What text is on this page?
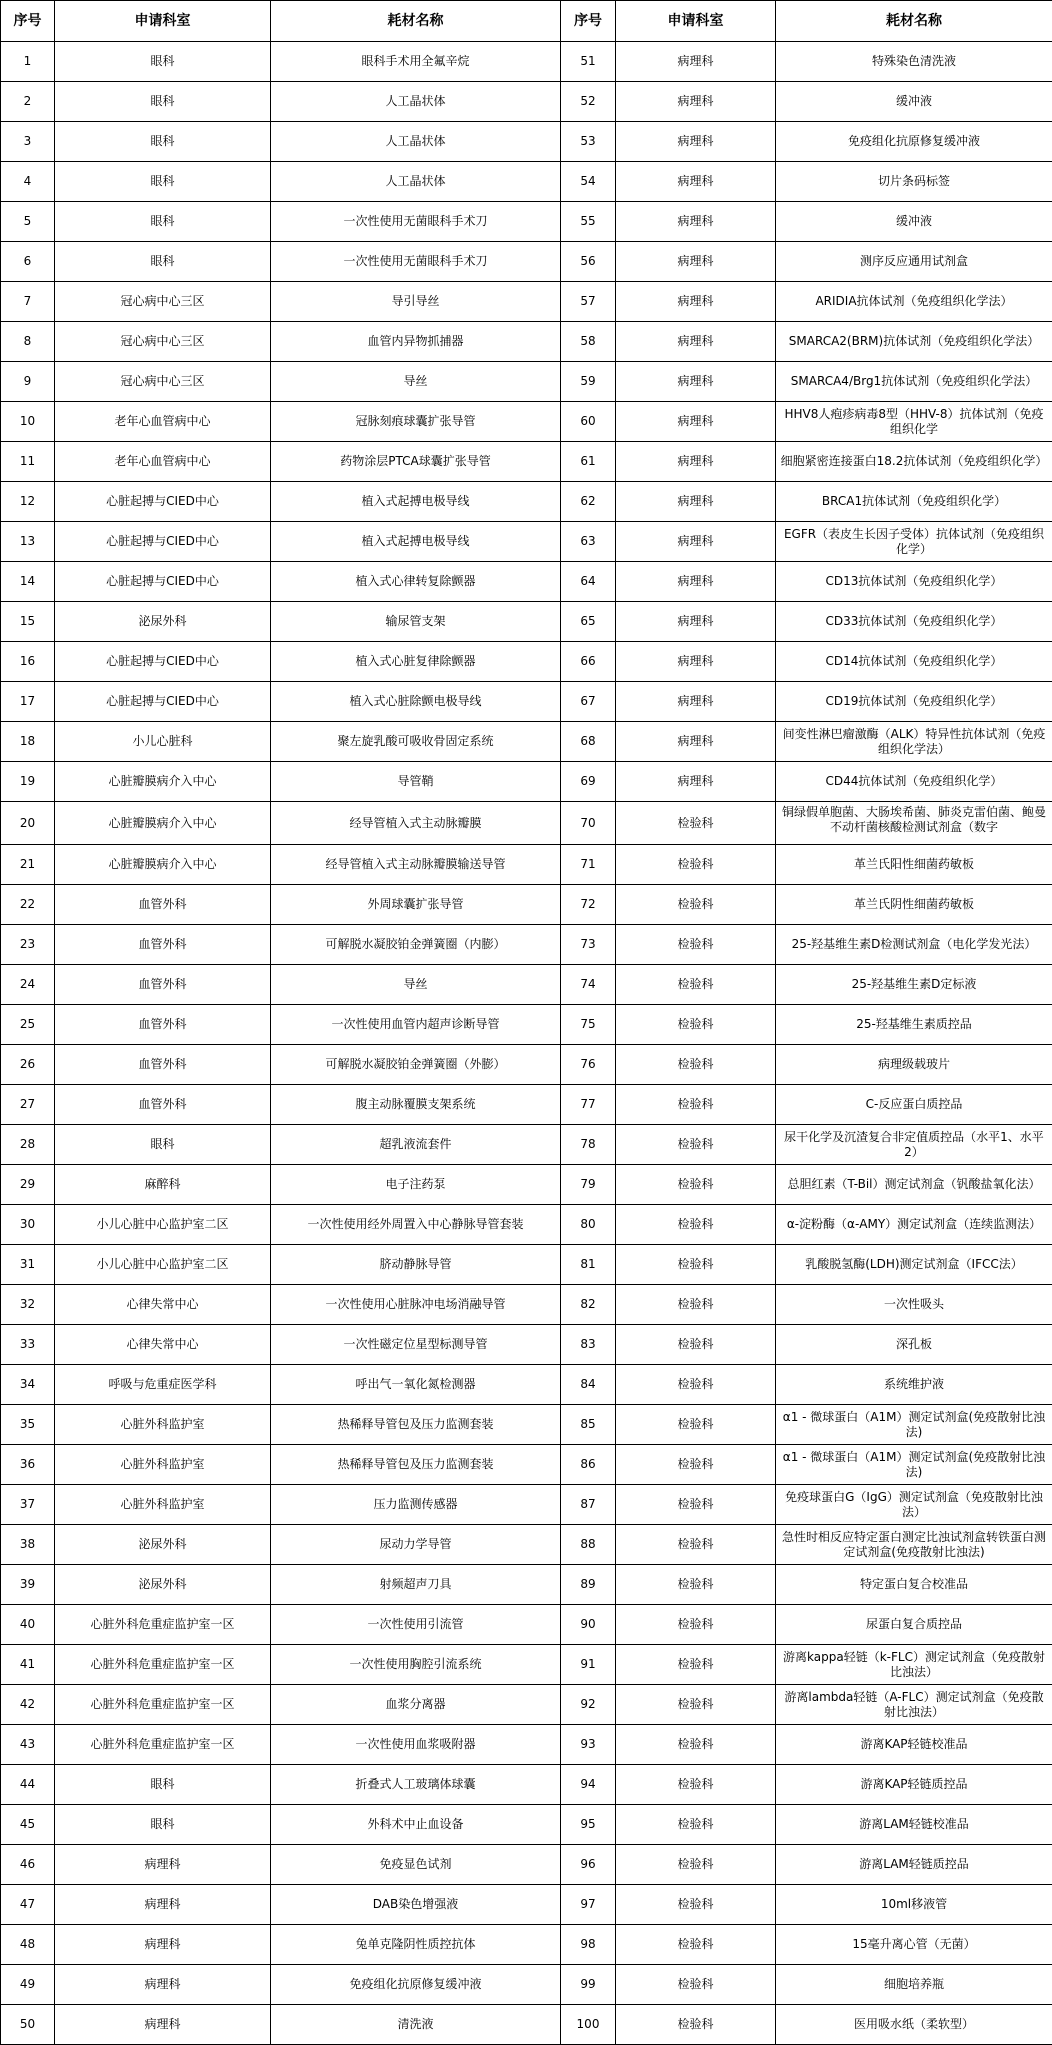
序号	申请科室	耗材名称	序号	申请科室	耗材名称
1	眼科	眼科手术用全氟辛烷	51	病理科	特殊染色清洗液
2	眼科	人工晶状体	52	病理科	缓冲液
3	眼科	人工晶状体	53	病理科	免疫组化抗原修复缓冲液
4	眼科	人工晶状体	54	病理科	切片条码标签
5	眼科	一次性使用无菌眼科手术刀	55	病理科	缓冲液
6	眼科	一次性使用无菌眼科手术刀	56	病理科	测序反应通用试剂盒
7	冠心病中心三区	导引导丝	57	病理科	ARIDIA抗体试剂（免疫组织化学法）
8	冠心病中心三区	血管内异物抓捕器	58	病理科	SMARCA2(BRM)抗体试剂（免疫组织化学法）
9	冠心病中心三区	导丝	59	病理科	SMARCA4/Brg1抗体试剂（免疫组织化学法）
10	老年心血管病中心	冠脉刻痕球囊扩张导管	60	病理科	HHV8人疱疹病毒8型（HHV-8）抗体试剂（免疫组织化学
11	老年心血管病中心	药物涂层PTCA球囊扩张导管	61	病理科	细胞紧密连接蛋白18.2抗体试剂（免疫组织化学）
12	心脏起搏与CIED中心	植入式起搏电极导线	62	病理科	BRCA1抗体试剂（免疫组织化学）
13	心脏起搏与CIED中心	植入式起搏电极导线	63	病理科	EGFR（表皮生长因子受体）抗体试剂（免疫组织化学）
14	心脏起搏与CIED中心	植入式心律转复除颤器	64	病理科	CD13抗体试剂（免疫组织化学）
15	泌尿外科	输尿管支架	65	病理科	CD33抗体试剂（免疫组织化学）
16	心脏起搏与CIED中心	植入式心脏复律除颤器	66	病理科	CD14抗体试剂（免疫组织化学）
17	心脏起搏与CIED中心	植入式心脏除颤电极导线	67	病理科	CD19抗体试剂（免疫组织化学）
18	小儿心脏科	聚左旋乳酸可吸收骨固定系统	68	病理科	间变性淋巴瘤激酶（ALK）特异性抗体试剂（免疫组织化学法）
19	心脏瓣膜病介入中心	导管鞘	69	病理科	CD44抗体试剂（免疫组织化学）
20	心脏瓣膜病介入中心	经导管植入式主动脉瓣膜	70	检验科	铜绿假单胞菌、大肠埃希菌、肺炎克雷伯菌、鲍曼不动杆菌核酸检测试剂盒（数字
21	心脏瓣膜病介入中心	经导管植入式主动脉瓣膜输送导管	71	检验科	革兰氏阳性细菌药敏板
22	血管外科	外周球囊扩张导管	72	检验科	革兰氏阴性细菌药敏板
23	血管外科	可解脱水凝胶铂金弹簧圈（内膨）	73	检验科	25-羟基维生素D检测试剂盒（电化学发光法）
24	血管外科	导丝	74	检验科	25-羟基维生素D定标液
25	血管外科	一次性使用血管内超声诊断导管	75	检验科	25-羟基维生素质控品
26	血管外科	可解脱水凝胶铂金弹簧圈（外膨）	76	检验科	病理级载玻片
27	血管外科	腹主动脉覆膜支架系统	77	检验科	C-反应蛋白质控品
28	眼科	超乳液流套件	78	检验科	尿干化学及沉渣复合非定值质控品（水平1、水平2）
29	麻醉科	电子注药泵	79	检验科	总胆红素（T-Bil）测定试剂盒（钒酸盐氧化法）
30	小儿心脏中心监护室二区	一次性使用经外周置入中心静脉导管套装	80	检验科	α-淀粉酶（α-AMY）测定试剂盒（连续监测法）
31	小儿心脏中心监护室二区	脐动静脉导管	81	检验科	乳酸脱氢酶(LDH)测定试剂盒（IFCC法）
32	心律失常中心	一次性使用心脏脉冲电场消融导管	82	检验科	一次性吸头
33	心律失常中心	一次性磁定位星型标测导管	83	检验科	深孔板
34	呼吸与危重症医学科	呼出气一氧化氮检测器	84	检验科	系统维护液
35	心脏外科监护室	热稀释导管包及压力监测套装	85	检验科	α1 - 微球蛋白（A1M）测定试剂盒(免疫散射比浊法)
36	心脏外科监护室	热稀释导管包及压力监测套装	86	检验科	α1 - 微球蛋白（A1M）测定试剂盒(免疫散射比浊法)
37	心脏外科监护室	压力监测传感器	87	检验科	免疫球蛋白G（IgG）测定试剂盒（免疫散射比浊法）
38	泌尿外科	尿动力学导管	88	检验科	急性时相反应特定蛋白测定比浊试剂盒转铁蛋白测定试剂盒(免疫散射比浊法)
39	泌尿外科	射频超声刀具	89	检验科	特定蛋白复合校准品
40	心脏外科危重症监护室一区	一次性使用引流管	90	检验科	尿蛋白复合质控品
41	心脏外科危重症监护室一区	一次性使用胸腔引流系统	91	检验科	游离kappa轻链（k-FLC）测定试剂盒（免疫散射比浊法）
42	心脏外科危重症监护室一区	血浆分离器	92	检验科	游离lambda轻链（A-FLC）测定试剂盒（免疫散射比浊法）
43	心脏外科危重症监护室一区	一次性使用血浆吸附器	93	检验科	游离KAP轻链校准品
44	眼科	折叠式人工玻璃体球囊	94	检验科	游离KAP轻链质控品
45	眼科	外科术中止血设备	95	检验科	游离LAM轻链校准品
46	病理科	免疫显色试剂	96	检验科	游离LAM轻链质控品
47	病理科	DAB染色增强液	97	检验科	10ml移液管
48	病理科	兔单克隆阴性质控抗体	98	检验科	15毫升离心管（无菌）
49	病理科	免疫组化抗原修复缓冲液	99	检验科	细胞培养瓶
50	病理科	清洗液	100	检验科	医用吸水纸（柔软型）
